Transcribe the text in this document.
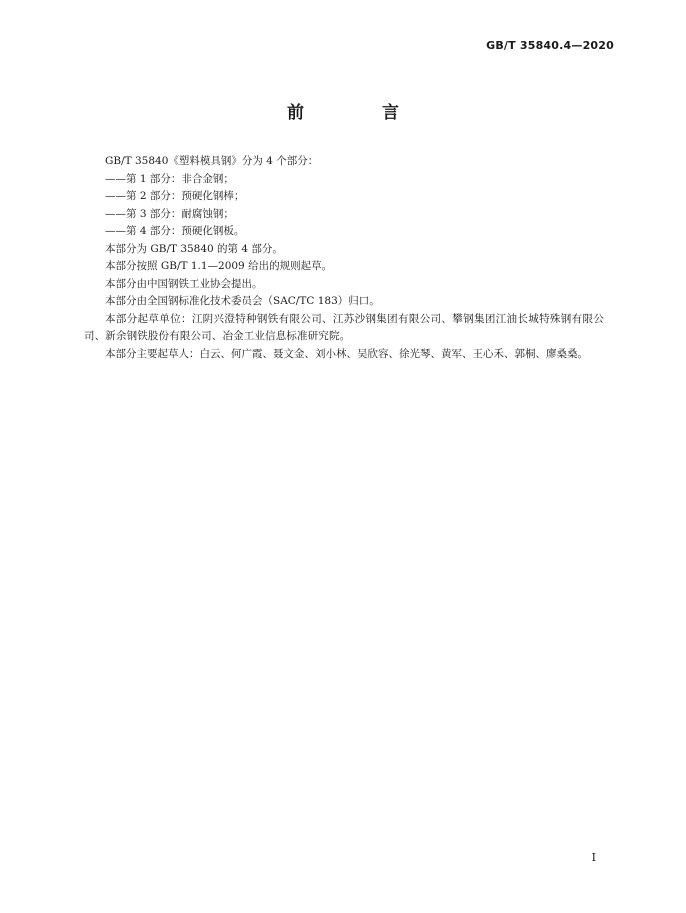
GB/T 35840.4—2020
前 言

GB/T 35840《塑料模具钢》分为 4 个部分：

——第 1 部分：非合金钢；

——第 2 部分：预硬化钢棒；

——第 3 部分：耐腐蚀钢；

——第 4 部分：预硬化钢板。

本部分为 GB/T 35840 的第 4 部分。

本部分按照 GB/T 1.1—2009 给出的规则起草。

本部分由中国钢铁工业协会提出。

本部分由全国钢标准化技术委员会（SAC/TC 183）归口。

本部分起草单位：江阴兴澄特种钢铁有限公司、江苏沙钢集团有限公司、攀钢集团江油长城特殊钢有限公司、新余钢铁股份有限公司、冶金工业信息标准研究院。

本部分主要起草人：白云、何广霞、聂文金、刘小林、吴欣容、徐光琴、黄军、王心禾、郭桐、廖桑桑。

I
